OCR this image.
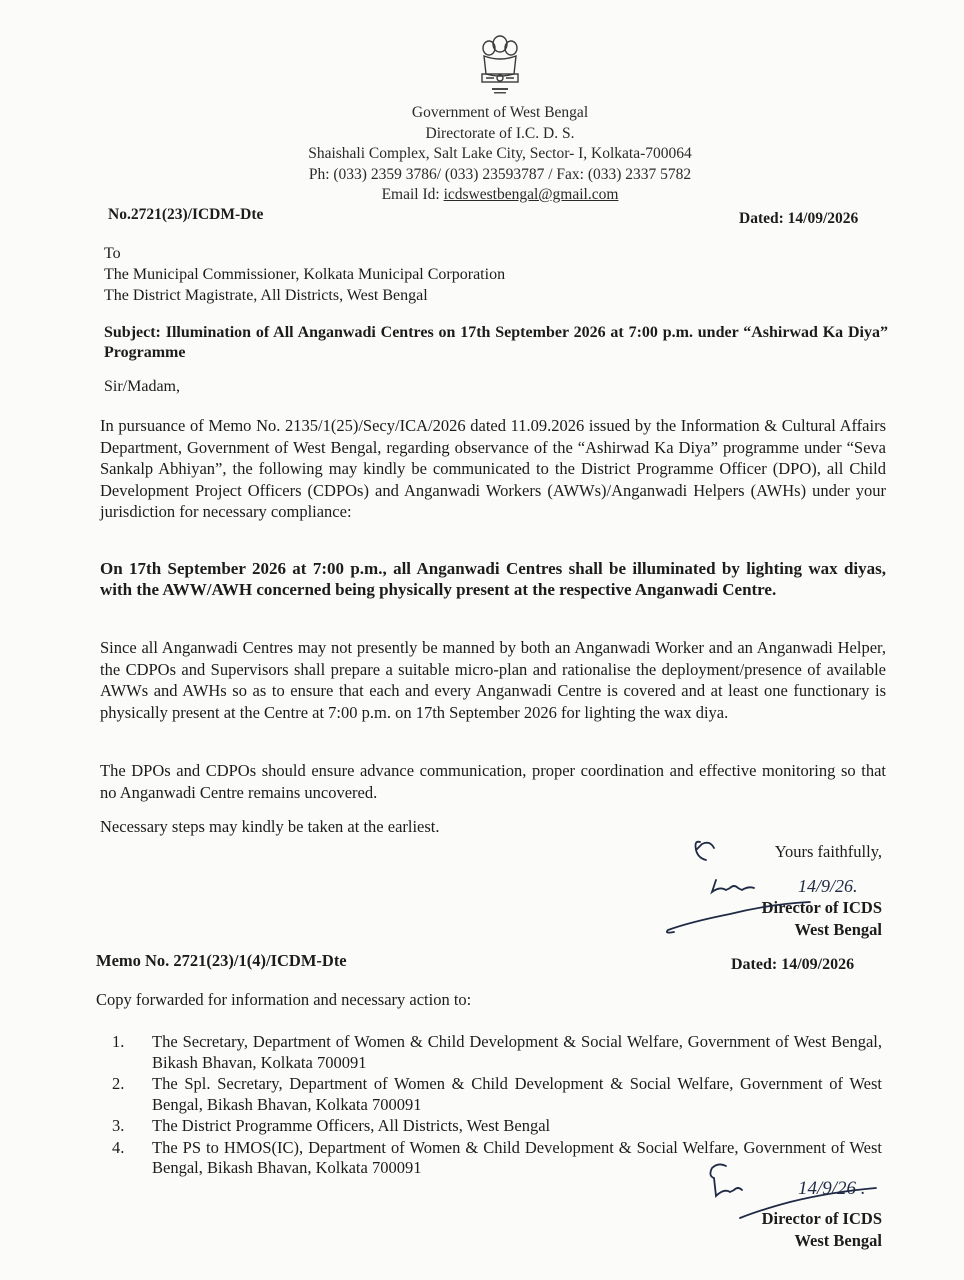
Government of West Bengal
Directorate of I.C. D. S.
Shaishali Complex, Salt Lake City, Sector- I, Kolkata-700064
Ph: (033) 2359 3786/ (033) 23593787 / Fax: (033) 2337 5782
Email Id: icdswestbengal@gmail.com
No.2721(23)/ICDM-Dte	Dated: 14/09/2026
To
The Municipal Commissioner, Kolkata Municipal Corporation
The District Magistrate, All Districts, West Bengal
Subject: Illumination of All Anganwadi Centres on 17th September 2026 at 7:00 p.m. under “Ashirwad Ka Diya” Programme
Sir/Madam,
In pursuance of Memo No. 2135/1(25)/Secy/ICA/2026 dated 11.09.2026 issued by the Information & Cultural Affairs Department, Government of West Bengal, regarding observance of the “Ashirwad Ka Diya” programme under “Seva Sankalp Abhiyan”, the following may kindly be communicated to the District Programme Officer (DPO), all Child Development Project Officers (CDPOs) and Anganwadi Workers (AWWs)/Anganwadi Helpers (AWHs) under your jurisdiction for necessary compliance:
On 17th September 2026 at 7:00 p.m., all Anganwadi Centres shall be illuminated by lighting wax diyas, with the AWW/AWH concerned being physically present at the respective Anganwadi Centre.
Since all Anganwadi Centres may not presently be manned by both an Anganwadi Worker and an Anganwadi Helper, the CDPOs and Supervisors shall prepare a suitable micro-plan and rationalise the deployment/presence of available AWWs and AWHs so as to ensure that each and every Anganwadi Centre is covered and at least one functionary is physically present at the Centre at 7:00 p.m. on 17th September 2026 for lighting the wax diya.
The DPOs and CDPOs should ensure advance communication, proper coordination and effective monitoring so that no Anganwadi Centre remains uncovered.
Necessary steps may kindly be taken at the earliest.
Yours faithfully,
Director of ICDS
West Bengal
14/9/26.
Memo No. 2721(23)/1(4)/ICDM-Dte	Dated: 14/09/2026
Copy forwarded for information and necessary action to:
1.	The Secretary, Department of Women & Child Development & Social Welfare, Government of West Bengal, Bikash Bhavan, Kolkata 700091
2.	The Spl. Secretary, Department of Women & Child Development & Social Welfare, Government of West Bengal, Bikash Bhavan, Kolkata 700091
3.	The District Programme Officers, All Districts, West Bengal
4.	The PS to HMOS(IC), Department of Women & Child Development & Social Welfare, Government of West Bengal, Bikash Bhavan, Kolkata 700091
14/9/26 .
Director of ICDS
West Bengal
